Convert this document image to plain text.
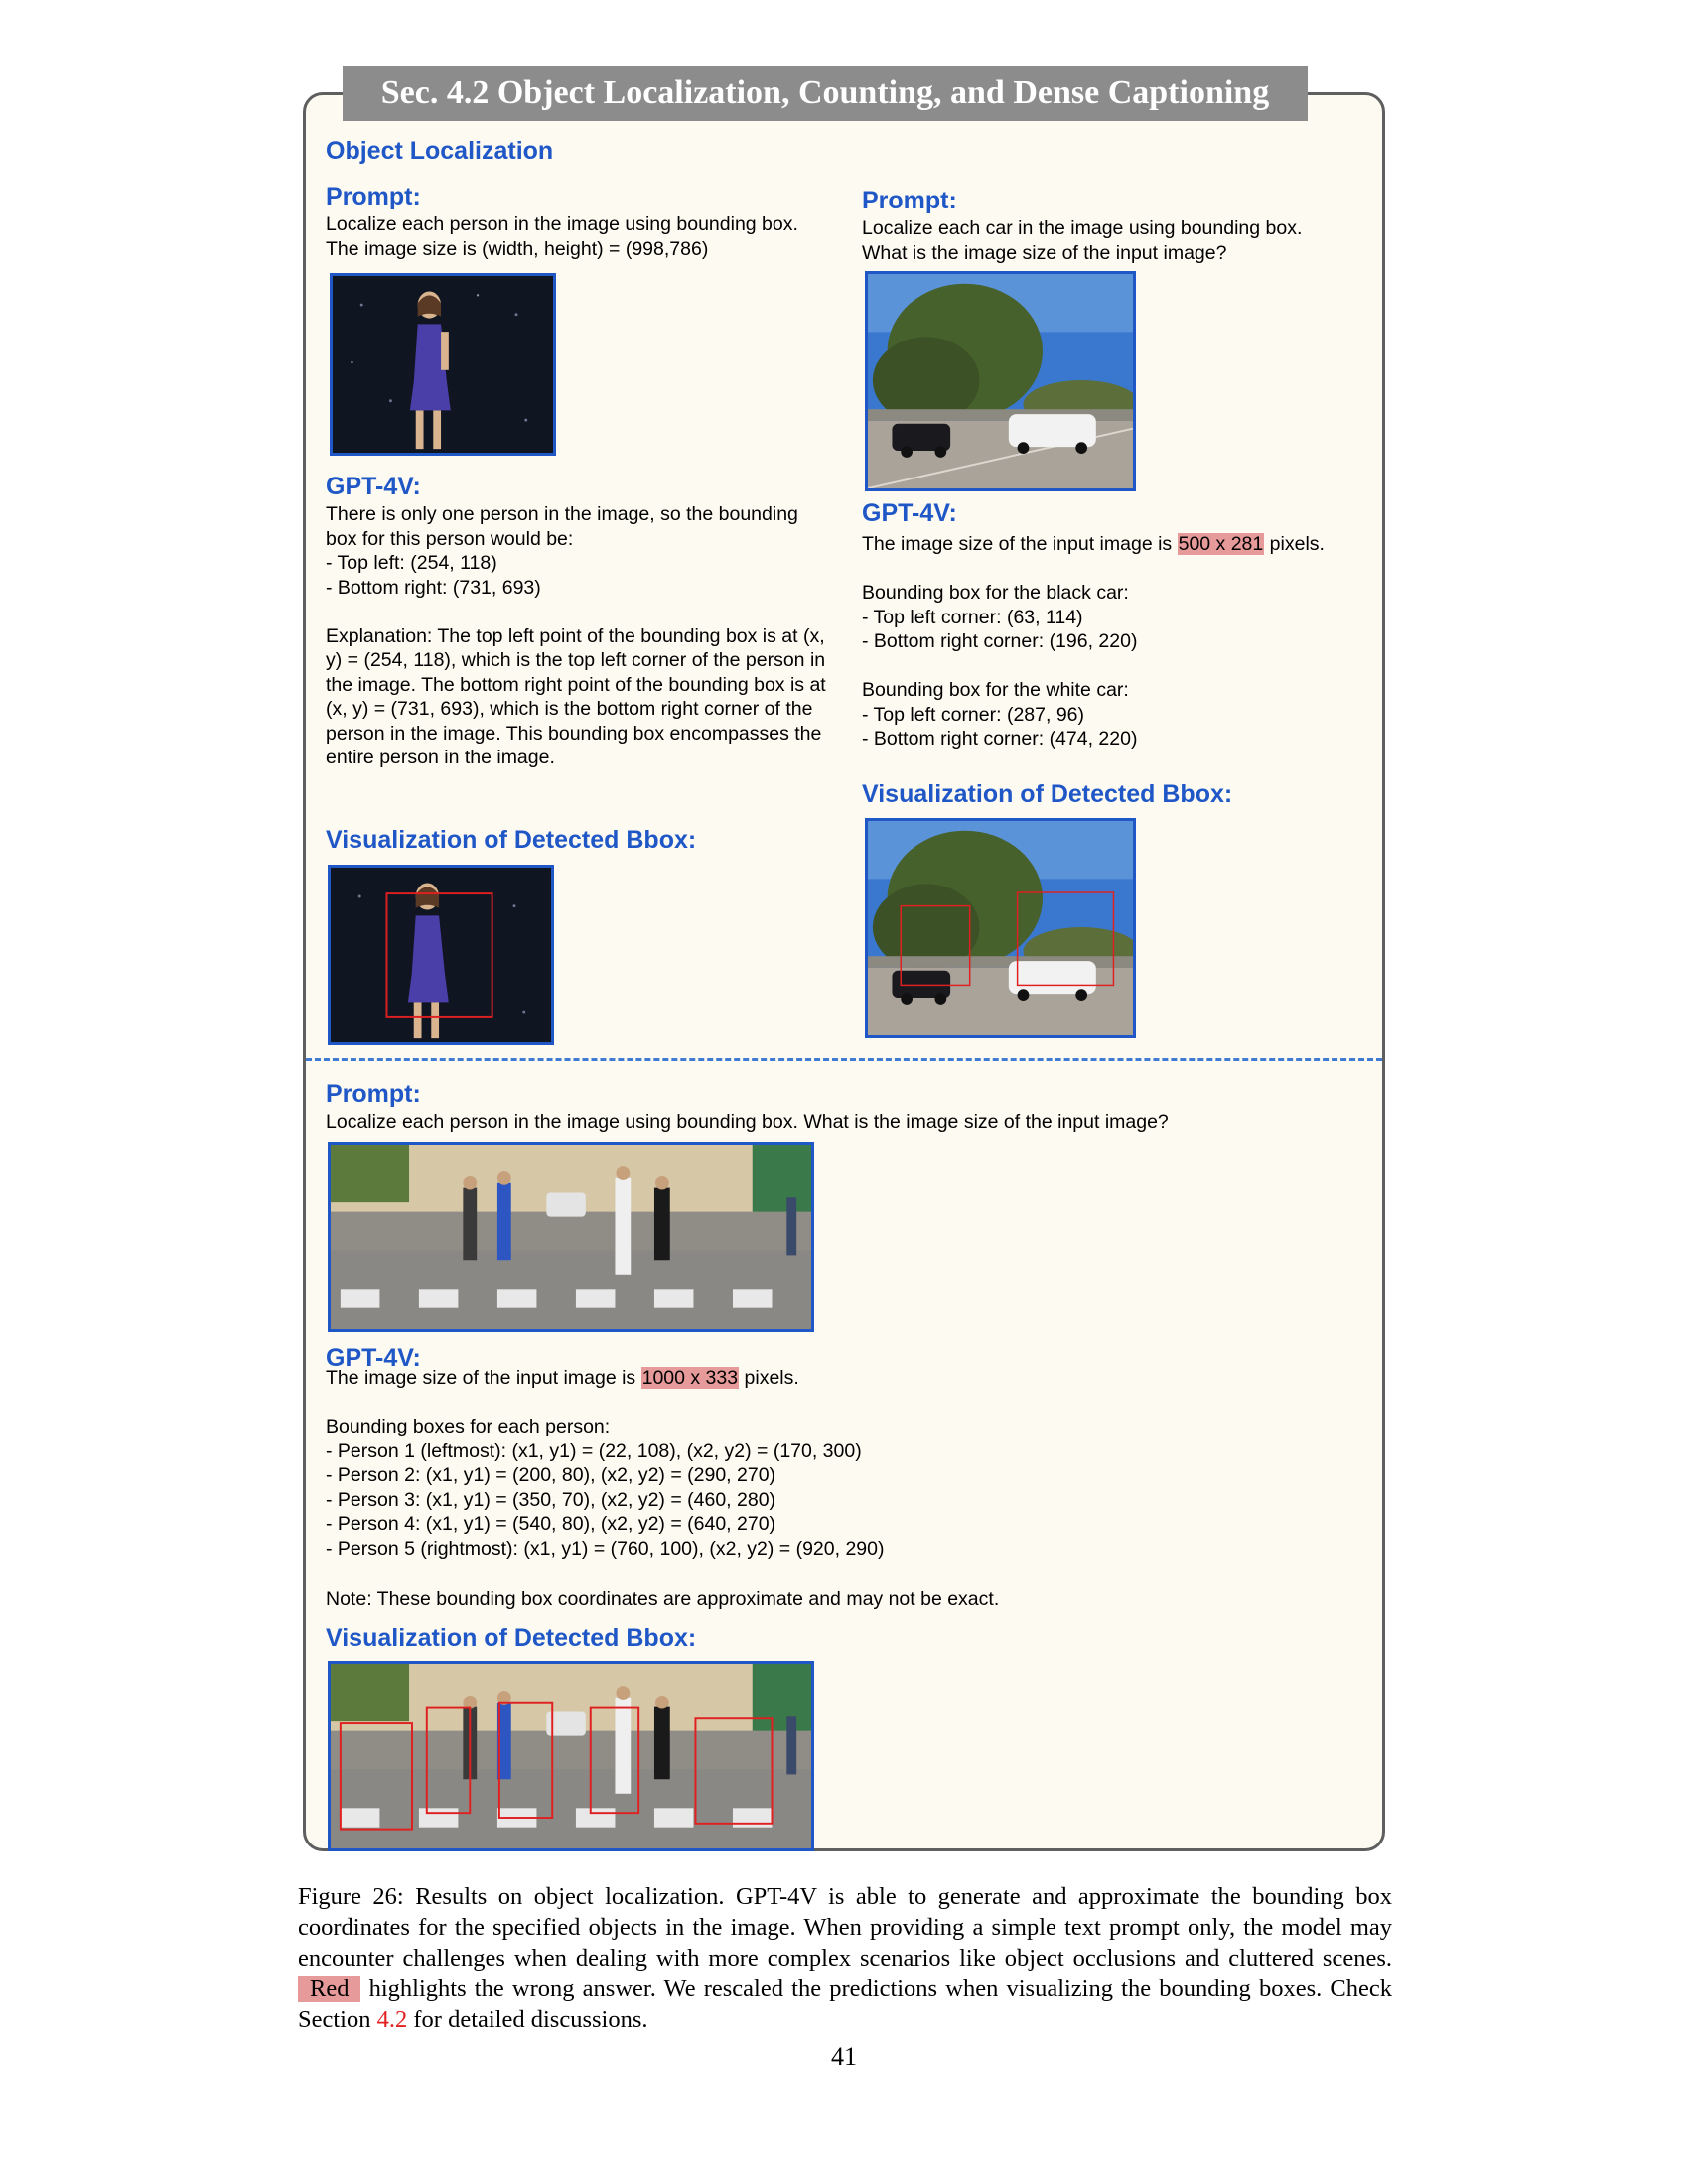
Sec. 4.2 Object Localization, Counting, and Dense Captioning
Object Localization
Prompt:

Localize each person in the image using bounding box. The image size is (width, height) = (998,786)

GPT-4V:

There is only one person in the image, so the bounding box for this person would be:
- Top left: (254, 118)
- Bottom right: (731, 693)

Explanation: The top left point of the bounding box is at (x, y) = (254, 118), which is the top left corner of the person in the image. The bottom right point of the bounding box is at (x, y) = (731, 693), which is the bottom right corner of the person in the image. This bounding box encompasses the entire person in the image.

Visualization of Detected Bbox:
Prompt:

Localize each car in the image using bounding box.
What is the image size of the input image?

GPT-4V:

The image size of the input image is 500 x 281 pixels.

Bounding box for the black car:
- Top left corner: (63, 114)
- Bottom right corner: (196, 220)

Bounding box for the white car:
- Top left corner: (287, 96)
- Bottom right corner: (474, 220)

Visualization of Detected Bbox:
Prompt:

Localize each person in the image using bounding box. What is the image size of the input image?

GPT-4V:

The image size of the input image is 1000 x 333 pixels.

Bounding boxes for each person:
- Person 1 (leftmost): (x1, y1) = (22, 108), (x2, y2) = (170, 300)
- Person 2: (x1, y1) = (200, 80), (x2, y2) = (290, 270)
- Person 3: (x1, y1) = (350, 70), (x2, y2) = (460, 280)
- Person 4: (x1, y1) = (540, 80), (x2, y2) = (640, 270)
- Person 5 (rightmost): (x1, y1) = (760, 100), (x2, y2) = (920, 290)

Note: These bounding box coordinates are approximate and may not be exact.

Visualization of Detected Bbox:

Figure 26: Results on object localization. GPT-4V is able to generate and approximate the bounding box coordinates for the specified objects in the image. When providing a simple text prompt only, the model may encounter challenges when dealing with more complex scenarios like object occlusions and cluttered scenes. Red highlights the wrong answer. We rescaled the predictions when visualizing the bounding boxes. Check Section 4.2 for detailed discussions.

41
